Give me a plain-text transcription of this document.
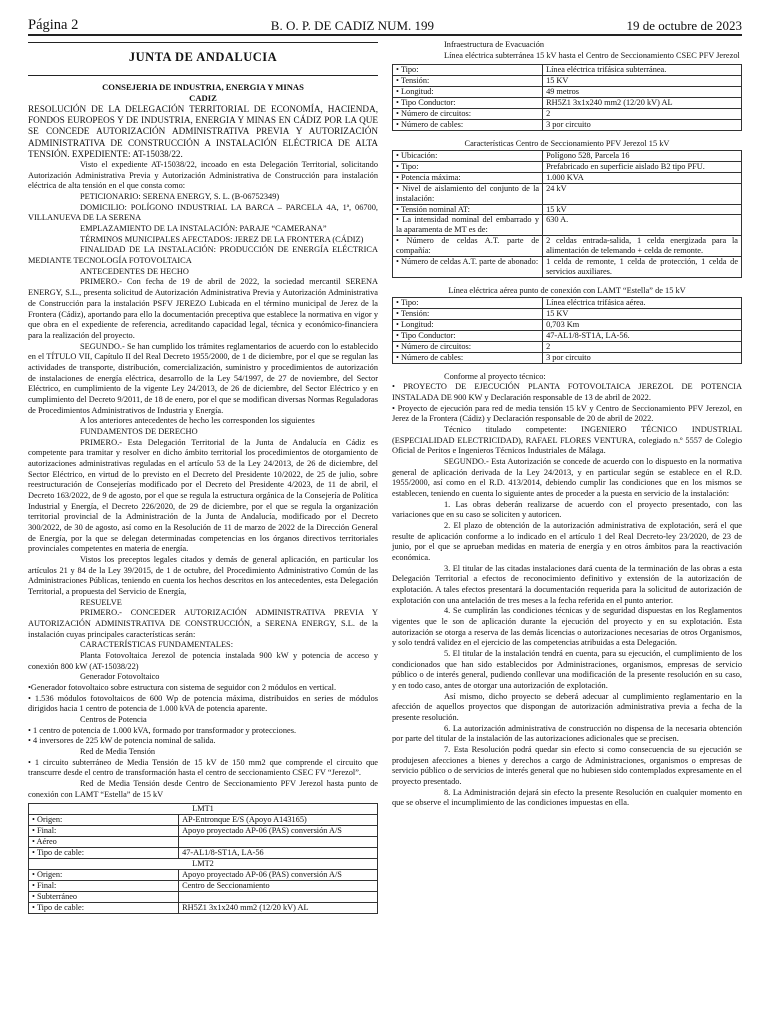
Página 2	B. O. P. DE CADIZ NUM. 199	19 de octubre de 2023
JUNTA DE ANDALUCIA

CONSEJERIA DE INDUSTRIA, ENERGIA Y MINAS

CADIZ

RESOLUCIÓN DE LA DELEGACIÓN TERRITORIAL DE ECONOMÍA, HACIENDA, FONDOS EUROPEOS Y DE INDUSTRIA, ENERGIA Y MINAS EN CÁDIZ POR LA QUE SE CONCEDE AUTORIZACIÓN ADMINISTRATIVA PREVIA Y AUTORIZACIÓN ADMINISTRATIVA DE CONSTRUCCIÓN A INSTALACIÓN ELÉCTRICA DE ALTA TENSIÓN. EXPEDIENTE: AT-15038/22.

Visto el expediente AT-15038/22, incoado en esta Delegación Territorial, solicitando Autorización Administrativa Previa y Autorización Administrativa de Construcción para instalación eléctrica de alta tensión en el que consta como:

PETICIONARIO: SERENA ENERGY, S. L. (B-06752349)

DOMICILIO: POLÍGONO INDUSTRIAL LA BARCA – PARCELA 4A, 1ª, 06700, VILLANUEVA DE LA SERENA

EMPLAZAMIENTO DE LA INSTALACIÓN: PARAJE “CAMERANA”

TÉRMINOS MUNICIPALES AFECTADOS: JEREZ DE LA FRONTERA (CÁDIZ)

FINALIDAD DE LA INSTALACIÓN: PRODUCCIÓN DE ENERGÍA ELÉCTRICA MEDIANTE TECNOLOGÍA FOTOVOLTAICA

ANTECEDENTES DE HECHO

PRIMERO.- Con fecha de 19 de abril de 2022, la sociedad mercantil SERENA ENERGY, S.L., presenta solicitud de Autorización Administrativa Previa y Autorización Administrativa de Construcción para la instalación PSFV JEREZO Lubicada en el término municipal de Jerez de la Frontera (Cádiz), aportando para ello la documentación preceptiva que establece la normativa en vigor y que obra en el expediente de referencia, acreditando capacidad legal, técnica y económico-financiera para la realización del proyecto.

SEGUNDO.- Se han cumplido los trámites reglamentarios de acuerdo con lo establecido en el TÍTULO VII, Capítulo II del Real Decreto 1955/2000, de 1 de diciembre, por el que se regulan las actividades de transporte, distribución, comercialización, suministro y procedimientos de autorización de instalaciones de energía eléctrica, desarrollo de la Ley 54/1997, de 27 de noviembre, del Sector Eléctrico, en cumplimiento de la vigente Ley 24/2013, de 26 de diciembre, del Sector Eléctrico y en cumplimiento del Decreto 9/2011, de 18 de enero, por el que se modifican diversas Normas Reguladoras de Procedimientos Administrativos de Industria y Energía.

A los anteriores antecedentes de hecho les corresponden los siguientes

FUNDAMENTOS DE DERECHO

PRIMERO.- Esta Delegación Territorial de la Junta de Andalucía en Cádiz es competente para tramitar y resolver en dicho ámbito territorial los procedimientos de otorgamiento de autorizaciones administrativas reguladas en el artículo 53 de la Ley 24/2013, de 26 de diciembre, del Sector Eléctrico, en virtud de lo previsto en el Decreto del Presidente 10/2022, de 25 de julio, sobre reestructuración de Consejerías modificado por el Decreto del Presidente 4/2023, de 11 de abril, el Decreto 163/2022, de 9 de agosto, por el que se regula la estructura orgánica de la Consejería de Política Industrial y Energía, el Decreto 226/2020, de 29 de diciembre, por el que se regula la organización territorial provincial de la Administración de la Junta de Andalucía, modificado por el Decreto 300/2022, de 30 de agosto, así como en la Resolución de 11 de marzo de 2022 de la Dirección General de Energía, por la que se delegan determinadas competencias en los órganos directivos territoriales provinciales competentes en materia de energía.

Vistos los preceptos legales citados y demás de general aplicación, en particular los artículos 21 y 84 de la Ley 39/2015, de 1 de octubre, del Procedimiento Administrativo Común de las Administraciones Públicas, teniendo en cuenta los hechos descritos en los antecedentes, esta Delegación Territorial, a propuesta del Servicio de Energía,

RESUELVE

PRIMERO.- CONCEDER AUTORIZACIÓN ADMINISTRATIVA PREVIA Y AUTORIZACIÓN ADMINISTRATIVA DE CONSTRUCCIÓN, a SERENA ENERGY, S.L. de la instalación cuyas principales características serán:

CARACTERÍSTICAS FUNDAMENTALES:

Planta Fotovoltaica Jerezol de potencia instalada 900 kW y potencia de acceso y conexión 800 kW (AT-15038/22)

Generador Fotovoltaico

•Generador fotovoltaico sobre estructura con sistema de seguidor con 2 módulos en vertical.

• 1.536 módulos fotovoltaicos de 600 Wp de potencia máxima, distribuidos en series de módulos dirigidos hacia 1 centro de potencia de 1.000 kVA de potencia aparente.

Centros de Potencia

• 1 centro de potencia de 1.000 kVA, formado por transformador y protecciones.

• 4 inversores de 225 kW de potencia nominal de salida.

Red de Media Tensión

• 1 circuito subterráneo de Media Tensión de 15 kV de 150 mm2 que comprende el circuito que transcurre desde el centro de transformación hasta el centro de seccionamiento CSEC FV “Jerezol”.

Red de Media Tensión desde Centro de Seccionamiento PFV Jerezol hasta punto de conexión con LAMT “Estella” de 15 kV

LMT1	
• Origen:	AP-Entronque E/S (Apoyo A143165)
• Final:	Apoyo proyectado AP-06 (PAS) conversión A/S
• Aéreo	
• Tipo de cable:	47-AL1/8-ST1A, LA-56
LMT2	
• Origen:	Apoyo proyectado AP-06 (PAS) conversión A/S
• Final:	Centro de Seccionamiento
• Subterráneo	
• Tipo de cable:	RH5Z1 3x1x240 mm2 (12/20 kV) AL

Infraestructura de Evacuación

Línea eléctrica subterránea 15 kV hasta el Centro de Seccionamiento CSEC PFV Jerezol

• Tipo:	Línea eléctrica trifásica subterránea.
• Tensión:	15 KV
• Longitud:	49 metros
• Tipo Conductor:	RH5Z1 3x1x240 mm2 (12/20 kV) AL
• Número de circuitos:	2
• Número de cables:	3 por circuito

Características Centro de Seccionamiento PFV Jerezol 15 kV

• Ubicación:	Polígono 528, Parcela 16
• Tipo:	Prefabricado en superficie aislado B2 tipo PFU.
• Potencia máxima:	1.000 KVA
• Nivel de aislamiento del conjunto de la instalación:	24 kV
• Tensión nominal AT:	15 kV
• La intensidad nominal del embarrado y la aparamenta de MT es de:	630 A.
• Número de celdas A.T. parte de compañía:	2 celdas entrada-salida, 1 celda energizada para la alimentación de telemando + celda de remonte.
• Número de celdas A.T. parte de abonado:	1 celda de remonte, 1 celda de protección, 1 celda de servicios auxiliares.

Línea eléctrica aérea punto de conexión con LAMT “Estella” de 15 kV

• Tipo:	Línea eléctrica trifásica aérea.
• Tensión:	15 KV
• Longitud:	0,703 Km
• Tipo Conductor:	47-AL1/8-ST1A, LA-56.
• Número de circuitos:	2
• Número de cables:	3 por circuito

Conforme al proyecto técnico:

• PROYECTO DE EJECUCIÓN PLANTA FOTOVOLTAICA JEREZOL DE POTENCIA INSTALADA DE 900 KW y Declaración responsable de 13 de abril de 2022.

• Proyecto de ejecución para red de media tensión 15 kV y Centro de Seccionamiento PFV Jerezol, en Jerez de la Frontera (Cádiz) y Declaración responsable de 20 de abril de 2022.

Técnico titulado competente: INGENIERO TÉCNICO INDUSTRIAL (ESPECIALIDAD ELECTRICIDAD), RAFAEL FLORES VENTURA, colegiado n.º 5557 de Colegio Oficial de Peritos e Ingenieros Técnicos Industriales de Málaga.

SEGUNDO.- Esta Autorización se concede de acuerdo con lo dispuesto en la normativa general de aplicación derivada de la Ley 24/2013, y en particular según se establece en el R.D. 1955/2000, así como en el R.D. 413/2014, debiendo cumplir las condiciones que en los mismos se establecen, teniendo en cuenta lo siguiente antes de proceder a la puesta en servicio de la instalación:

1. Las obras deberán realizarse de acuerdo con el proyecto presentado, con las variaciones que en su caso se soliciten y autoricen.

2. El plazo de obtención de la autorización administrativa de explotación, será el que resulte de aplicación conforme a lo indicado en el artículo 1 del Real Decreto-ley 23/2020, de 23 de junio, por el que se aprueban medidas en materia de energía y en otros ámbitos para la reactivación económica.

3. El titular de las citadas instalaciones dará cuenta de la terminación de las obras a esta Delegación Territorial a efectos de reconocimiento definitivo y extensión de la autorización de explotación. A tales efectos presentará la documentación requerida para la solicitud de autorización de explotación con una antelación de tres meses a la fecha referida en el punto anterior.

4. Se cumplirán las condiciones técnicas y de seguridad dispuestas en los Reglamentos vigentes que le son de aplicación durante la ejecución del proyecto y en su explotación. Esta autorización se otorga a reserva de las demás licencias o autorizaciones necesarias de otros Organismos, y solo tendrá validez en el ejercicio de las competencias atribuidas a esta Delegación.

5. El titular de la instalación tendrá en cuenta, para su ejecución, el cumplimiento de los condicionados que han sido establecidos por Administraciones, organismos, empresas de servicio público o de interés general, pudiendo conllevar una modificación de la presente resolución en su caso, y en todo caso, antes de otorgar una autorización de explotación.

Así mismo, dicho proyecto se deberá adecuar al cumplimiento reglamentario en la afección de aquellos proyectos que dispongan de autorización administrativa previa a fecha de la presente resolución.

6. La autorización administrativa de construcción no dispensa de la necesaria obtención por parte del titular de la instalación de las autorizaciones adicionales que se precisen.

7. Esta Resolución podrá quedar sin efecto si como consecuencia de su ejecución se produjesen afecciones a bienes y derechos a cargo de Administraciones, organismos o empresas de servicio público o de servicios de interés general que no hubiesen sido contemplados expresamente en el proyecto presentado.

8. La Administración dejará sin efecto la presente Resolución en cualquier momento en que se observe el incumplimiento de las condiciones impuestas en ella.
